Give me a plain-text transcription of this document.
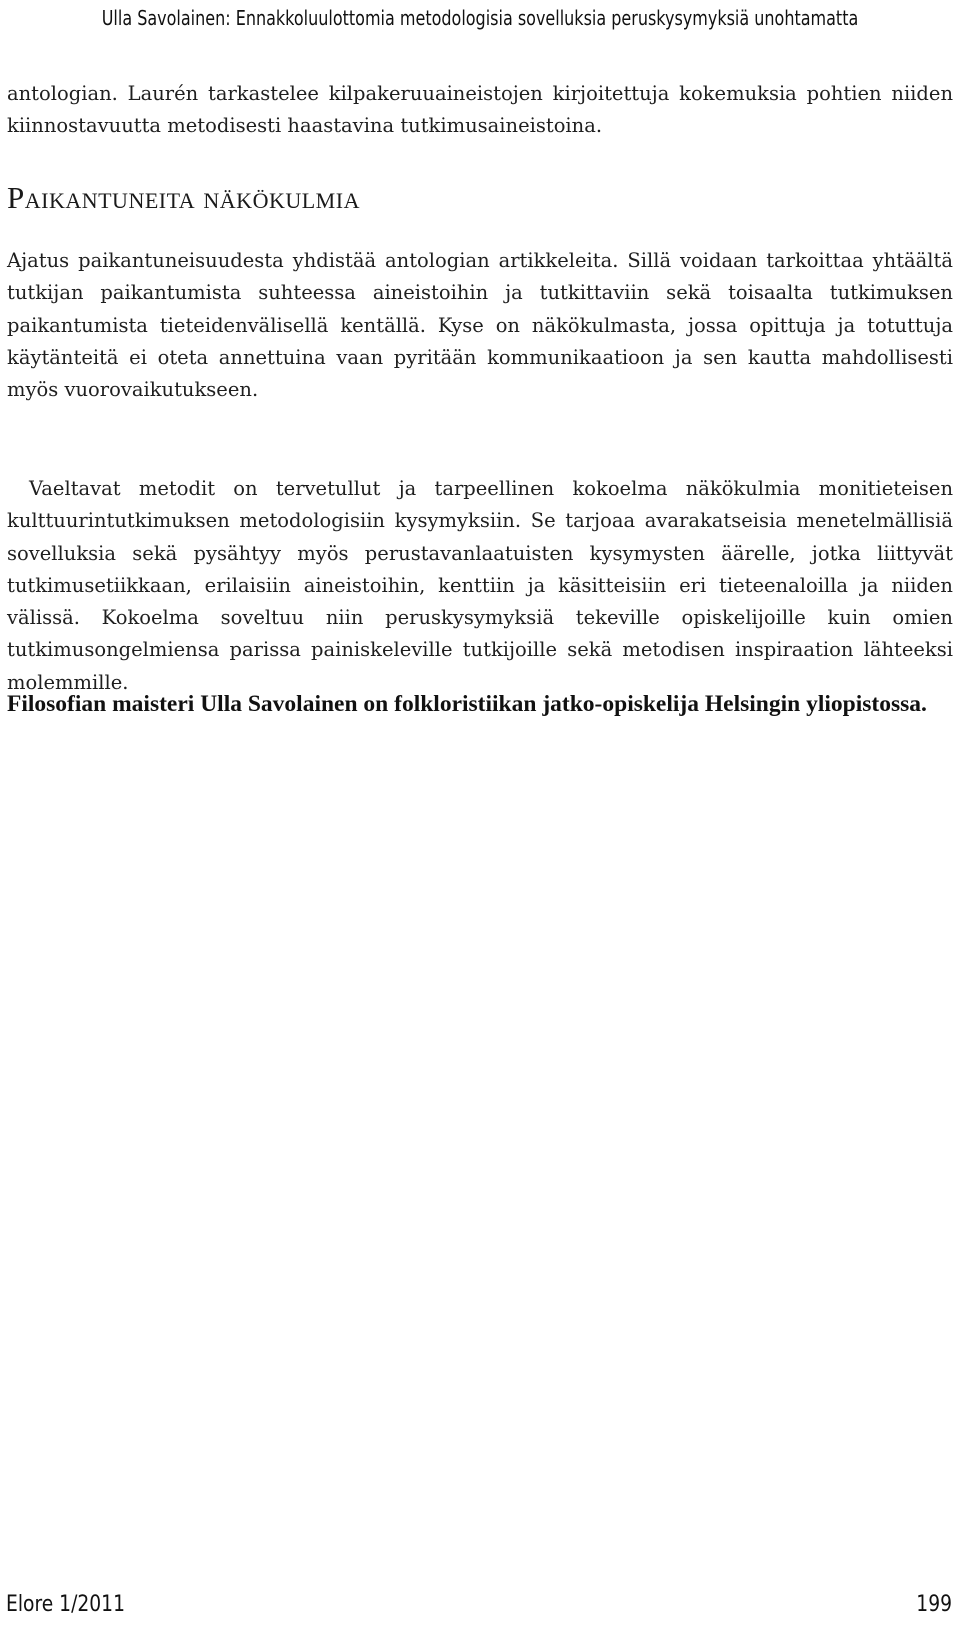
Ulla Savolainen: Ennakkoluulottomia metodologisia sovelluksia peruskysymyksiä unohtamatta

antologian. Laurén tarkastelee kilpakeruuaineistojen kirjoitettuja kokemuksia pohtien niiden kiinnostavuutta metodisesti haastavina tutkimusaineistoina.

Paikantuneita näkökulmia

Ajatus paikantuneisuudesta yhdistää antologian artikkeleita. Sillä voidaan tarkoittaa yhtäältä tutkijan paikantumista suhteessa aineistoihin ja tutkittaviin sekä toisaalta tutkimuksen paikantumista tieteidenvälisellä kentällä. Kyse on näkökulmasta, jossa opittuja ja totuttuja käytänteitä ei oteta annettuina vaan pyritään kommunikaatioon ja sen kautta mahdollisesti myös vuorovaikutukseen.

Vaeltavat metodit on tervetullut ja tarpeellinen kokoelma näkökulmia monitieteisen kulttuurintutkimuksen metodologisiin kysymyksiin. Se tarjoaa avarakatseisia menetelmällisiä sovelluksia sekä pysähtyy myös perustavanlaatuisten kysymysten äärelle, jotka liittyvät tutkimusetiikkaan, erilaisiin aineistoihin, kenttiin ja käsitteisiin eri tieteenaloilla ja niiden välissä. Kokoelma soveltuu niin peruskysymyksiä tekeville opiskelijoille kuin omien tutkimusongelmiensa parissa painiskeleville tutkijoille sekä metodisen inspiraation lähteeksi molemmille.

Filosofian maisteri Ulla Savolainen on folkloristiikan jatko-opiskelija Helsingin yliopistossa.

Elore 1/2011	199
